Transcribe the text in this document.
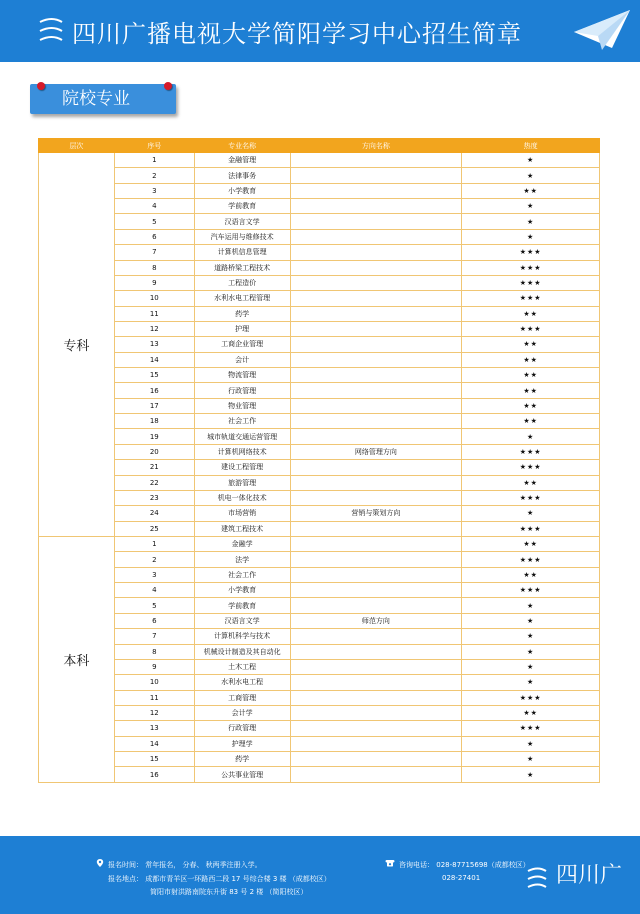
四川广播电视大学简阳学习中心招生简章
院校专业
层次	序号	专业名称	方向名称	热度
专科	1	金融管理		★
	2	法律事务		★
	3	小学教育		★★
	4	学前教育		★
	5	汉语言文学		★
	6	汽车运用与维修技术		★
	7	计算机信息管理		★★★
	8	道路桥梁工程技术		★★★
	9	工程造价		★★★
	10	水利水电工程管理		★★★
	11	药学		★★
	12	护理		★★★
	13	工商企业管理		★★
	14	会计		★★
	15	物流管理		★★
	16	行政管理		★★
	17	物业管理		★★
	18	社会工作		★★
	19	城市轨道交通运营管理		★
	20	计算机网络技术	网络管理方向	★★★
	21	建设工程管理		★★★
	22	旅游管理		★★
	23	机电一体化技术		★★★
	24	市场营销	营销与策划方向	★
	25	建筑工程技术		★★★
本科	1	金融学		★★
	2	法学		★★★
	3	社会工作		★★
	4	小学教育		★★★
	5	学前教育		★
	6	汉语言文学	师范方向	★
	7	计算机科学与技术		★
	8	机械设计制造及其自动化		★
	9	土木工程		★
	10	水利水电工程		★
	11	工商管理		★★★
	12	会计学		★★
	13	行政管理		★★★
	14	护理学		★
	15	药学		★
	16	公共事业管理		★
报名时间： 常年报名， 分春、 秋两季注册入学。
报名地点： 成都市青羊区一环路西二段 17 号综合楼 3 楼 （成都校区）
简阳市射洪路南院东升街 83 号 2 楼 （简阳校区）
咨询电话： 028-87715698（成都校区）
028-27401	四川广
